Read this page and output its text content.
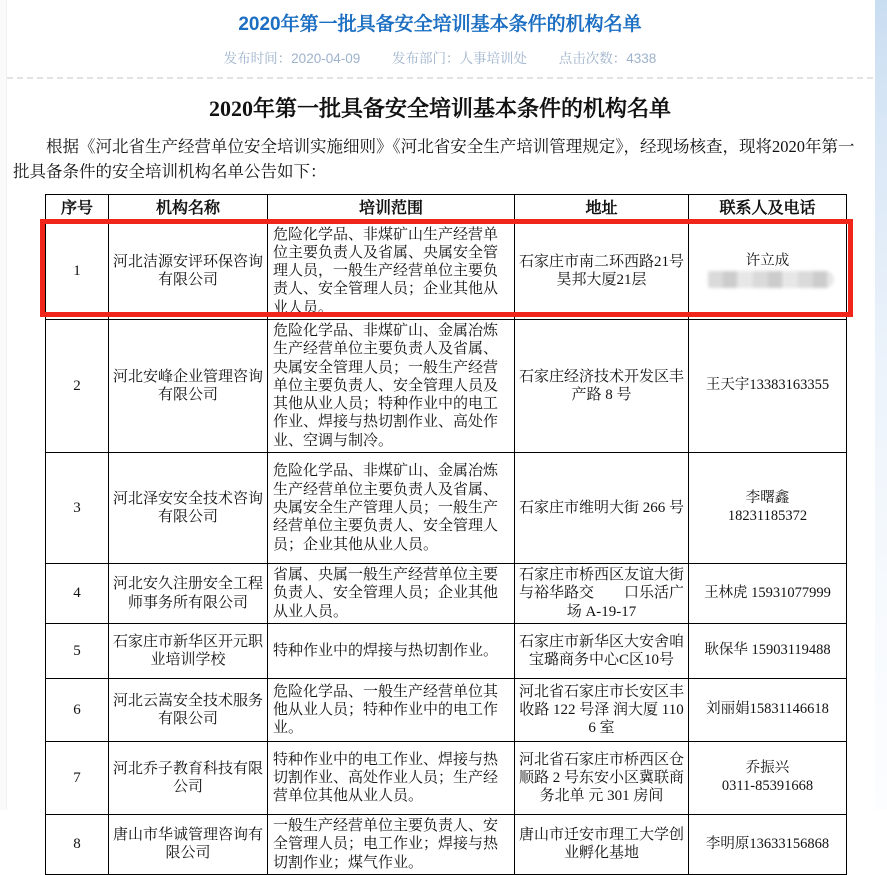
2020年第一批具备安全培训基本条件的机构名单
发布时间：2020-04-09 发布部门：人事培训处 点击次数：4338
2020年第一批具备安全培训基本条件的机构名单

根据《河北省生产经营单位安全培训实施细则》《河北省安全生产培训管理规定》，经现场核查，现将2020年第一批具备条件的安全培训机构名单公告如下：

序号	机构名称	培训范围	地址	联系人及电话
1	河北洁源安评环保咨询有限公司	危险化学品、非煤矿山生产经营单位主要负责人及省属、央属安全管理人员，一般生产经营单位主要负责人、安全管理人员；企业其他从业人员。	石家庄市南二环西路21号昊邦大厦21层	许立成
2	河北安峰企业管理咨询有限公司	危险化学品、非煤矿山、金属冶炼生产经营单位主要负责人及省属、央属安全管理人员；一般生产经营单位主要负责人、安全管理人员及其他从业人员；特种作业中的电工作业、焊接与热切割作业、高处作业、空调与制冷。	石家庄经济技术开发区丰产路 8 号	王天宇13383163355

3	河北泽安安全技术咨询有限公司	危险化学品、非煤矿山、金属冶炼生产经营单位主要负责人及省属、央属安全生产管理人员；一般生产经营单位主要负责人、安全管理人员；企业其他从业人员。	石家庄市维明大街 266 号	李曙鑫
18231185372

4	河北安久注册安全工程师事务所有限公司	省属、央属一般生产经营单位主要负责人、安全管理人员；企业其他从业人员。	石家庄市桥西区友谊大街与裕华路交　　口乐活广场 A-19-17	王林虎 15931077999

5	石家庄市新华区开元职业培训学校	特种作业中的焊接与热切割作业。	石家庄市新华区大安舍咱宝璐商务中心C区10号	耿保华 15903119488

6	河北云嵩安全技术服务有限公司	危险化学品、一般生产经营单位其他从业人员；特种作业中的电工作业。	河北省石家庄市长安区丰收路 122 号泽 润大厦 1106 室	刘丽娟15831146618

7	河北乔子教育科技有限公司	特种作业中的电工作业、焊接与热切割作业、高处作业人员；生产经营单位其他从业人员。	河北省石家庄市桥西区仓顺路 2 号东安小区冀联商务北单 元 301 房间	乔振兴
0311-85391668

8	唐山市华诚管理咨询有限公司	一般生产经营单位主要负责人、安全管理人员；电工作业；焊接与热切割作业；煤气作业。	唐山市迁安市理工大学创业孵化基地	李明原13633156868
